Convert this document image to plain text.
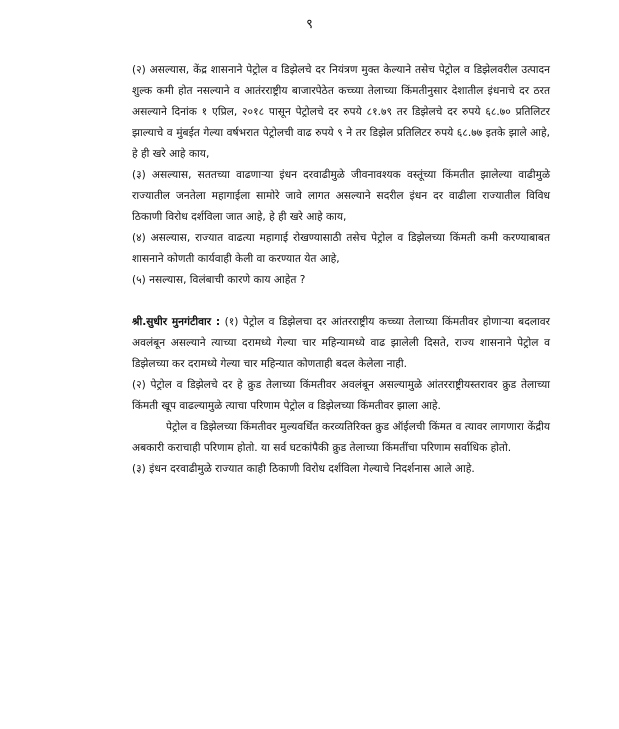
९

(२) असल्यास, केंद्र शासनाने पेट्रोल व डिझेलचे दर नियंत्रण मुक्त केल्याने तसेच पेट्रोल व डिझेलवरील उत्पादन शुल्क कमी होत नसल्याने व आतंरराष्ट्रीय बाजारपेठेत कच्च्या तेलाच्या किंमतीनुसार देशातील इंधनाचे दर ठरत असल्याने दिनांक १ एप्रिल, २०१८ पासून पेट्रोलचे दर रुपये ८१.७९ तर डिझेलचे दर रुपये ६८.७० प्रतिलिटर झाल्याचे व मुंबईत गेल्या वर्षभरात पेट्रोलची वाढ रुपये ९ ने तर डिझेल प्रतिलिटर रुपये ६८.७७ इतके झाले आहे, हे ही खरे आहे काय,

(३) असल्यास, सततच्या वाढणाऱ्या इंधन दरवाढीमुळे जीवनावश्यक वस्तूंच्या किंमतीत झालेल्या वाढीमुळे राज्यातील जनतेला महागाईला सामोरे जावे लागत असल्याने सदरील इंधन दर वाढीला राज्यातील विविध ठिकाणी विरोध दर्शविला जात आहे, हे ही खरे आहे काय,

(४) असल्यास, राज्यात वाढत्या महागाई रोखण्यासाठी तसेच पेट्रोल व डिझेलच्या किंमती कमी करण्याबाबत शासनाने कोणती कार्यवाही केली वा करण्यात येत आहे,

(५) नसल्यास, विलंबाची कारणे काय आहेत ?

श्री.सुधीर मुनगंटीवार : (१) पेट्रोल व डिझेलचा दर आंतरराष्ट्रीय कच्च्या तेलाच्या किंमतीवर होणाऱ्या बदलावर अवलंबून असल्याने त्याच्या दरामध्ये गेल्या चार महिन्यामध्ये वाढ झालेली दिसते, राज्य शासनाने पेट्रोल व डिझेलच्या कर दरामध्ये गेल्या चार महिन्यात कोणताही बदल केलेला नाही.

(२) पेट्रोल व डिझेलचे दर हे क्रुड तेलाच्या किंमतीवर अवलंबून असल्यामुळे आंतरराष्ट्रीयस्तरावर क्रुड तेलाच्या किंमती खूप वाढल्यामुळे त्याचा परिणाम पेट्रोल व डिझेलच्या किंमतीवर झाला आहे.

पेट्रोल व डिझेलच्या किंमतीवर मुल्यवर्धित करव्यतिरिक्त क्रुड ऑईलची किंमत व त्यावर लागणारा केंद्रीय अबकारी कराचाही परिणाम होतो. या सर्व घटकांपैकी क्रुड तेलाच्या किंमतींचा परिणाम सर्वाधिक होतो.

(३) इंधन दरवाढीमुळे राज्यात काही ठिकाणी विरोध दर्शविला गेल्याचे निदर्शनास आले आहे.
